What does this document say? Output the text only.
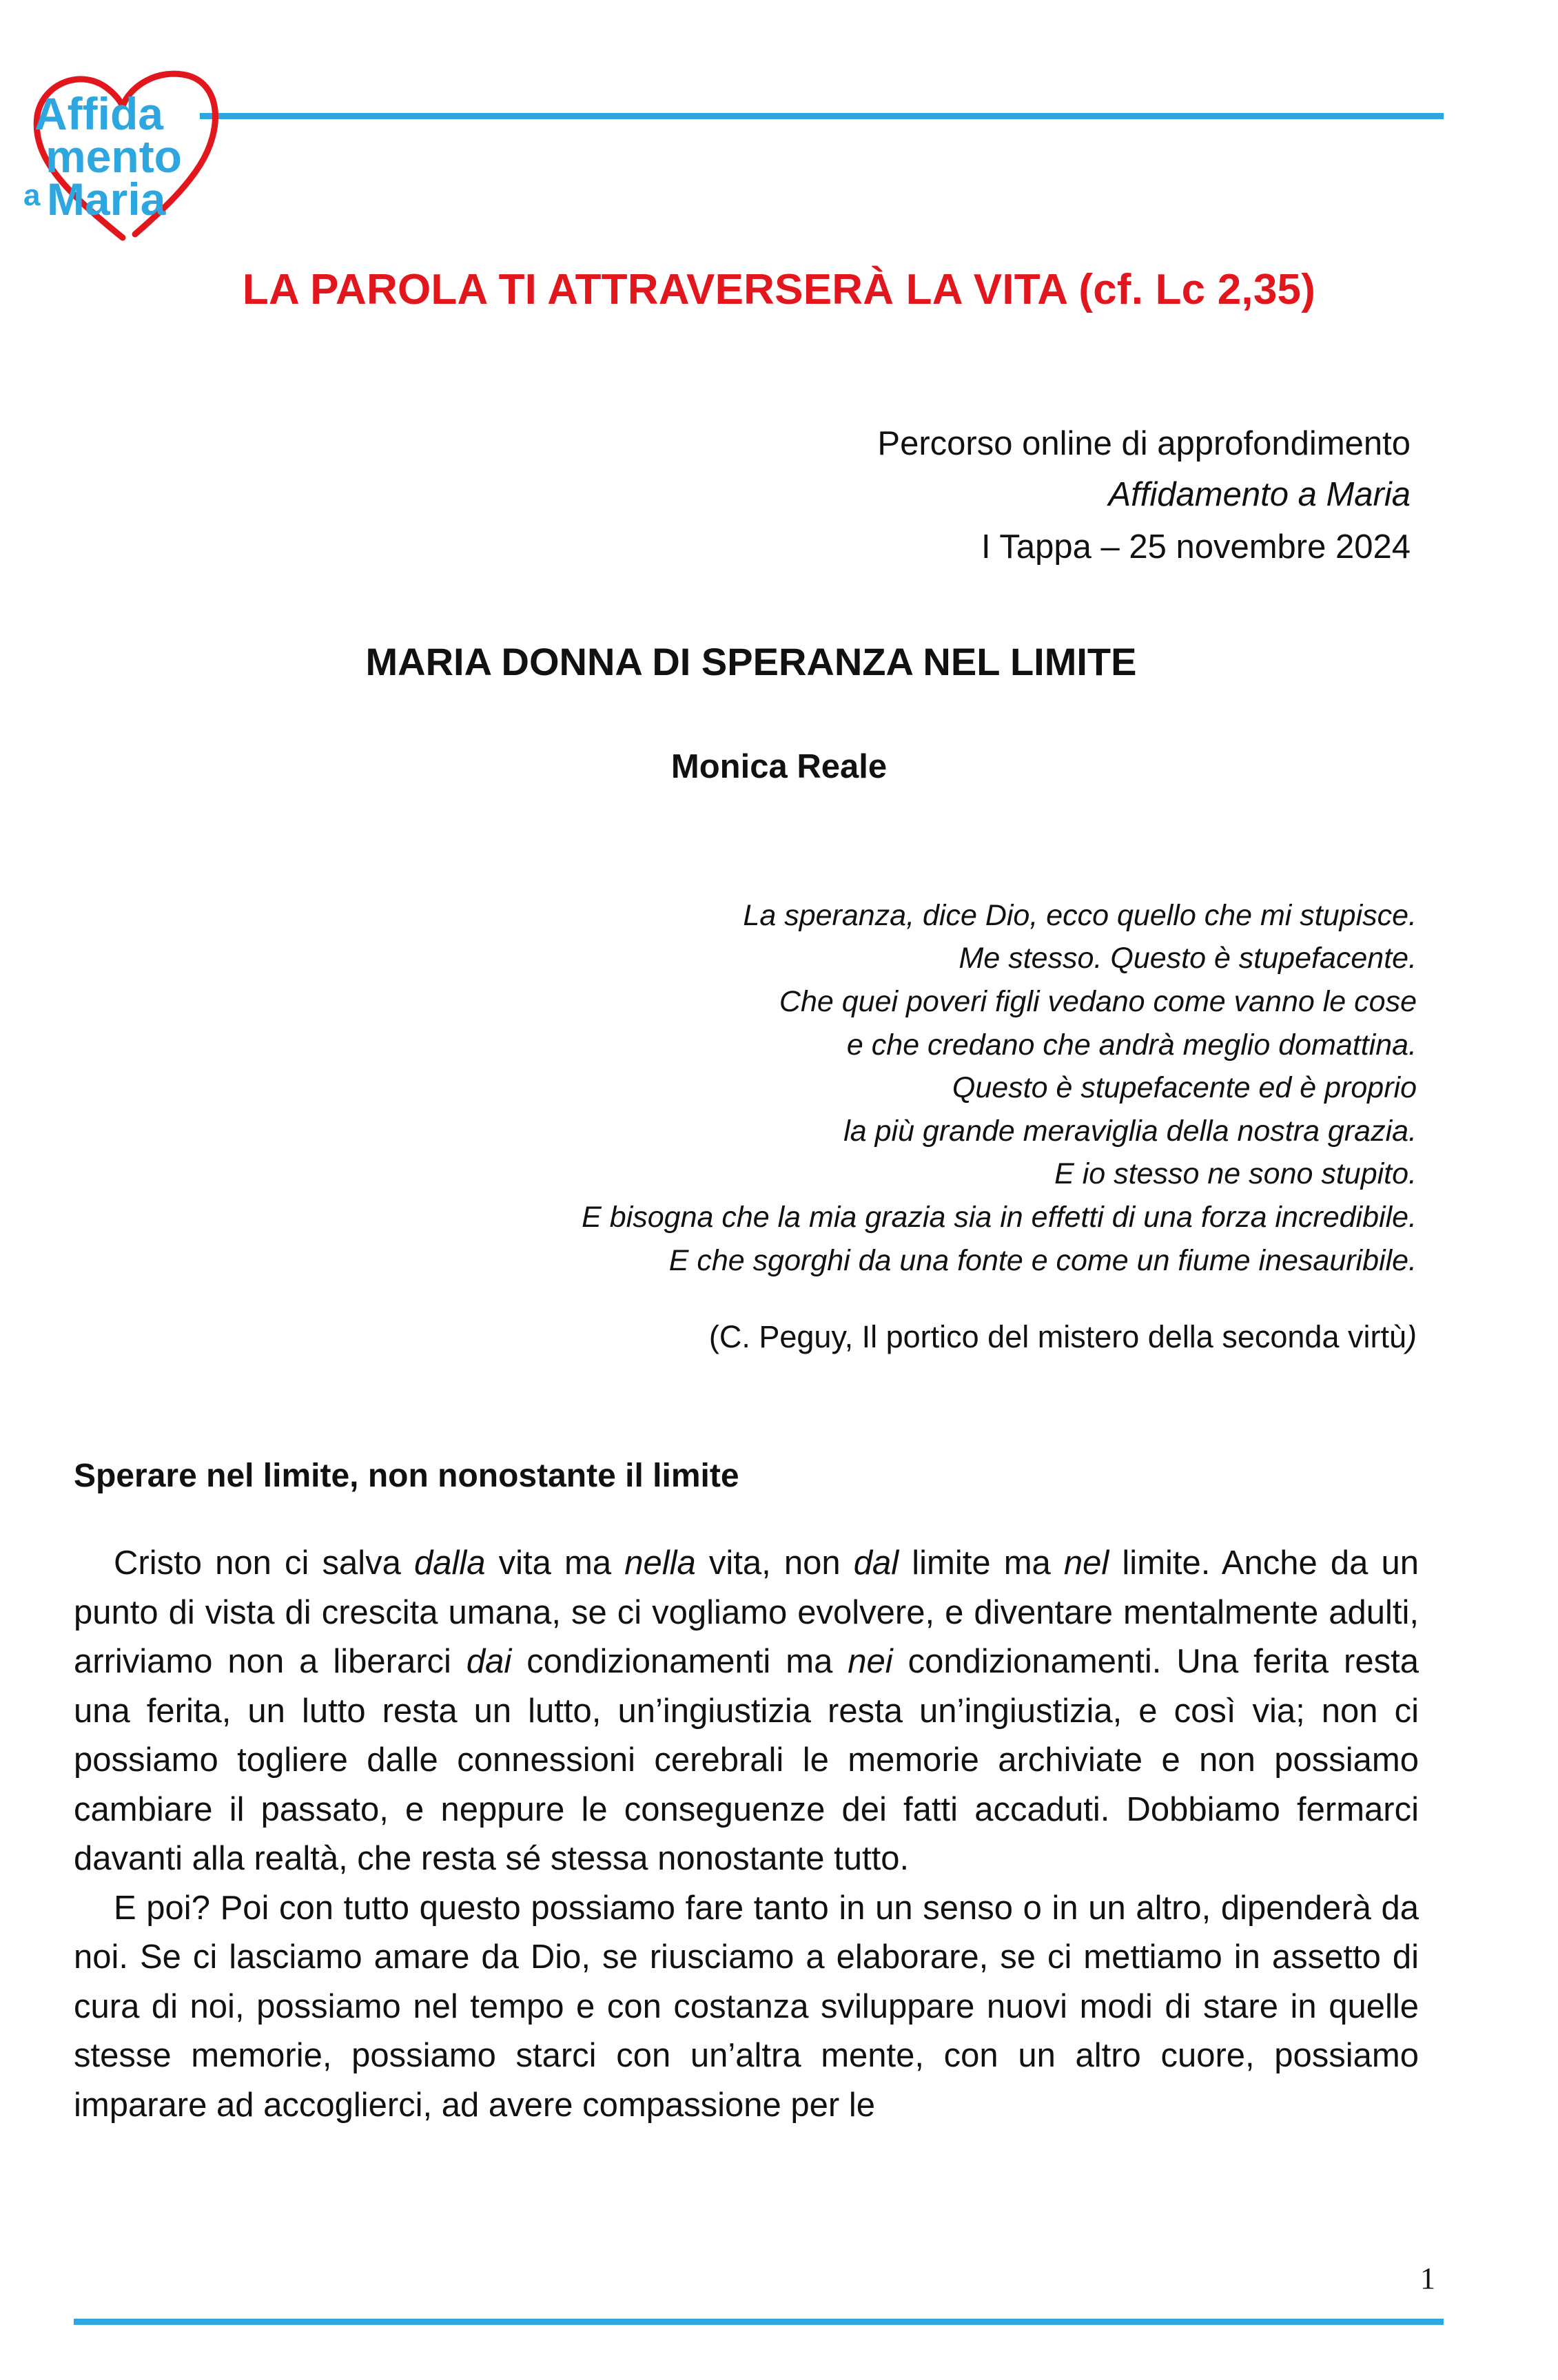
Affida
mento
a Maria
LA PAROLA TI ATTRAVERSERÀ LA VITA (cf. Lc 2,35)
Percorso online di approfondimento
Affidamento a Maria
I Tappa – 25 novembre 2024
MARIA DONNA DI SPERANZA NEL LIMITE
Monica Reale
La speranza, dice Dio, ecco quello che mi stupisce.
Me stesso. Questo è stupefacente.
Che quei poveri figli vedano come vanno le cose
e che credano che andrà meglio domattina.
Questo è stupefacente ed è proprio
la più grande meraviglia della nostra grazia.
E io stesso ne sono stupito.
E bisogna che la mia grazia sia in effetti di una forza incredibile.
E che sgorghi da una fonte e come un fiume inesauribile.
(C. Peguy, Il portico del mistero della seconda virtù)
Sperare nel limite, non nonostante il limite

Cristo non ci salva dalla vita ma nella vita, non dal limite ma nel limite. Anche da un punto di vista di crescita umana, se ci vogliamo evolvere, e diventare mentalmente adulti, arriviamo non a liberarci dai condizionamenti ma nei condizionamenti. Una ferita resta una ferita, un lutto resta un lutto, un’ingiustizia resta un’ingiustizia, e così via; non ci possiamo togliere dalle connessioni cerebrali le memorie archiviate e non possiamo cambiare il passato, e neppure le conseguenze dei fatti accaduti. Dobbiamo fermarci davanti alla realtà, che resta sé stessa nonostante tutto.

E poi? Poi con tutto questo possiamo fare tanto in un senso o in un altro, dipenderà da noi. Se ci lasciamo amare da Dio, se riusciamo a elaborare, se ci mettiamo in assetto di cura di noi, possiamo nel tempo e con costanza sviluppare nuovi modi di stare in quelle stesse memorie, possiamo starci con un’altra mente, con un altro cuore, possiamo imparare ad accoglierci, ad avere compassione per le

1
